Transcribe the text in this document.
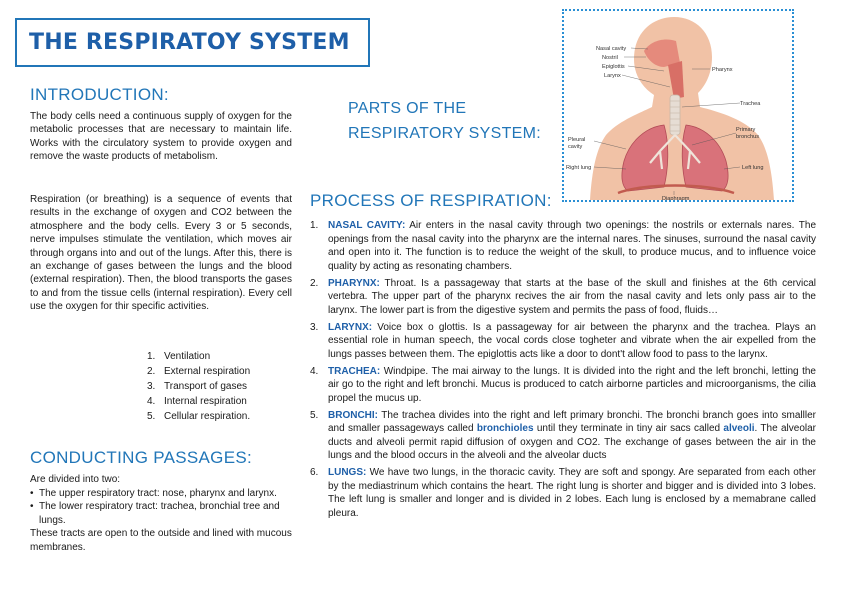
THE RESPIRATOY SYSTEM
INTRODUCTION:

The body cells need a continuous supply of oxygen for the metabolic processes that are necessary to maintain life. Works with the circulatory system to provide oxygen and remove the waste products of metabolism.

Respiration (or breathing) is a sequence of events that results in the exchange of oxygen and CO2 between the atmosphere and the body cells. Every 3 or 5 seconds, nerve impulses stimulate the ventilation, which moves air through organs into and out of the lungs. After this, there is an exchange of gases between the lungs and the blood (external respiration). Then, the blood transports the gases to and from the tissue cells (internal respiration). Every cell use the oxygen for thir specific activities.

1. Ventilation
2. External respiration
3. Transport of gases
4. Internal respiration
5. Cellular respiration.
CONDUCTING PASSAGES:
Are divided into two:
• The upper respiratory tract: nose, pharynx and larynx.
• The lower respiratory tract: trachea, bronchial tree and lungs.
These tracts are open to the outside and lined with mucous membranes.
PARTS OF THE
RESPIRATORY SYSTEM:
Nasal cavity
Nostril
Epiglottis
Larynx
Pharynx
Trachea
Pleural
cavity
Primary
bronchus
Right lung	Left lung
Diaphragm
PROCESS OF RESPIRATION:
1. NASAL CAVITY: Air enters in the nasal cavity through two openings: the nostrils or externals nares. The openings from the nasal cavity into the pharynx are the internal nares. The sinuses, surround the nasal cavity and open into it. The function is to reduce the weight of the skull, to produce mucus, and to influence voice quality by acting as resonating chambers.
2. PHARYNX: Throat. Is a passageway that starts at the base of the skull and finishes at the 6th cervical vertebra. The upper part of the pharynx recives the air from the nasal cavity and lets only pass air to the larynx. The lower part is from the digestive system and permits the pass of food, fluids…
3. LARYNX: Voice box o glottis. Is a passageway for air between the pharynx and the trachea. Plays an essential role in human speech, the vocal cords close togheter and vibrate when the air expelled from the lungs passes between them. The epiglottis acts like a door to dont't allow food to pass to the larynx.
4. TRACHEA: Windpipe. The mai airway to the lungs. It is divided into the right and the left bronchi, letting the air go to the right and left bronchi. Mucus is produced to catch airborne particles and microorganisms, the cilia propel the mucus up.
5. BRONCHI: The trachea divides into the right and left primary bronchi. The bronchi branch goes into smalller and smaller passageways called bronchioles until they terminate in tiny air sacs called alveoli. The alveolar ducts and alveoli permit rapid diffusion of oxygen and CO2. The exchange of gases between the air in the lungs and the blood occurs in the alveoli and the alveolar ducts
6. LUNGS: We have two lungs, in the thoracic cavity. They are soft and spongy. Are separated from each other by the mediastrinum which contains the heart. The right lung is shorter and bigger and is divided into 3 lobes. The left lung is smaller and longer and is divided in 2 lobes. Each lung is enclosed by a memabrane called pleura.
